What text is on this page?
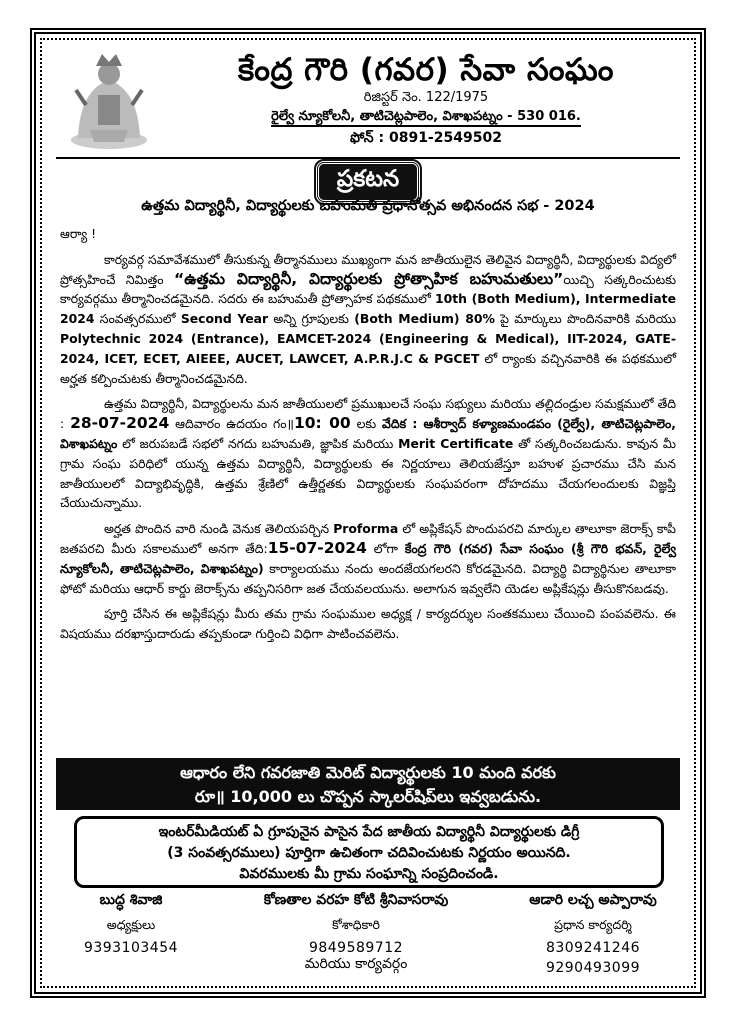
కేంద్ర గౌరి (గవర) సేవా సంఘం
రిజిస్టర్ నెం. 122/1975
రైల్వే న్యూకోలనీ, తాటిచెట్లపాలెం, విశాఖపట్నం - 530 016.
ఫోన్ : 0891-2549502
ప్రకటన
ఉత్తమ విద్యార్థినీ, విద్యార్థులకు బహుమతి ప్రధానోత్సవ అభినందన సభ - 2024

ఆర్యా !

కార్యవర్గ సమావేశములో తీసుకున్న తీర్మానములు ముఖ్యంగా మన జాతీయులైన తెలివైన విద్యార్థినీ, విద్యార్థులకు విద్యలో ప్రోత్సహించే నిమిత్తం “ఉత్తమ విద్యార్థినీ, విద్యార్థులకు ప్రోత్సాహిక బహుమతులు”యిచ్చి సత్కరించుటకు కార్యవర్గము తీర్మానించడమైనది. సదరు ఈ బహుమతీ ప్రోత్సాహక పథకములో 10th (Both Medium), Intermediate 2024 సంవత్సరములో Second Year అన్ని గ్రూపులకు (Both Medium) 80% పై మార్కులు పొందినవారికి మరియు Polytechnic 2024 (Entrance), EAMCET-2024 (Engineering & Medical), IIT-2024, GATE-2024, ICET, ECET, AIEEE, AUCET, LAWCET, A.P.R.J.C & PGCET లో ర్యాంకు వచ్చినవారికి ఈ పథకములో అర్హత కల్పించుటకు తీర్మానించడమైనది.

ఉత్తమ విద్యార్థినీ, విద్యార్థులను మన జాతీయులలో ప్రముఖులచే సంఘ సభ్యులు మరియు తల్లిదండ్రుల సమక్షములో తేది : 28-07-2024 ఆదివారం ఉదయం గం॥10: 00 లకు వేదిక : ఆశీర్వాద్ కళ్యాణమండపం (రైల్వే), తాటిచెట్లపాలెం, విశాఖపట్నం లో జరుపబడే సభలో నగదు బహుమతి, జ్ఞాపిక మరియు Merit Certificate తో సత్కరించబడును. కావున మీ గ్రామ సంఘ పరిధిలో యున్న ఉత్తమ విద్యార్థినీ, విద్యార్థులకు ఈ నిర్ణయాలు తెలియజేస్తూ బహుళ ప్రచారము చేసి మన జాతీయులలో విద్యాభివృద్ధికి, ఉత్తమ శ్రేణిలో ఉత్తీర్ణతకు విద్యార్థులకు సంఘపరంగా దోహదము చేయగలందులకు విజ్ఞప్తి చేయుచున్నాము.

అర్హత పొందిన వారి నుండి వెనుక తెలియపర్చిన Proforma లో అప్లికేషన్ పొందుపరచి మార్కుల తాలూకా జెరాక్స్ కాపీ జతపరచి మీరు సకాలములో అనగా తేది:15-07-2024 లోగా కేంద్ర గౌరి (గవర) సేవా సంఘం (శ్రీ గౌరి భవన్, రైల్వే న్యూకోలనీ, తాటిచెట్లపాలెం, విశాఖపట్నం) కార్యాలయము నందు అందజేయగలరని కోరడమైనది. విద్యార్థి విద్యార్థినుల తాలూకా ఫోటో మరియు ఆధార్ కార్డు జెరాక్స్‌ను తప్పనిసరిగా జత చేయవలయును. అలాగున ఇవ్వలేని యెడల అప్లికేషన్లు తీసుకొనబడవు.

పూర్తి చేసిన ఈ అప్లికేషన్లు మీరు తమ గ్రామ సంఘముల అధ్యక్ష / కార్యదర్శుల సంతకములు చేయించి పంపవలెను. ఈ విషయము దరఖాస్తుదారుడు తప్పకుండా గుర్తించి విధిగా పాటించవలెను.

ఆధారం లేని గవరజాతి మెరిట్ విద్యార్థులకు 10 మంది వరకు
రూ॥ 10,000 లు చొప్పన స్కాలర్‌షిప్‌లు ఇవ్వబడును.
ఇంటర్‌మీడియట్ ఏ గ్రూపునైన పాసైన పేద జాతీయ విద్యార్థినీ విద్యార్థులకు డిగ్రీ
(3 సంవత్సరములు) పూర్తిగా ఉచితంగా చదివించుటకు నిర్ణయం అయినది.
వివరములకు మీ గ్రామ సంఘాన్ని సంప్రదించండి.
బుద్ధ శివాజి
అధ్యక్షులు
9393103454
కోణతాల వరహ కోటి శ్రీనివాసరావు
కోశాధికారి
9849589712
మరియు కార్యవర్గం
ఆడారి లచ్చ అప్పారావు
ప్రధాన కార్యదర్శి
8309241246
9290493099
